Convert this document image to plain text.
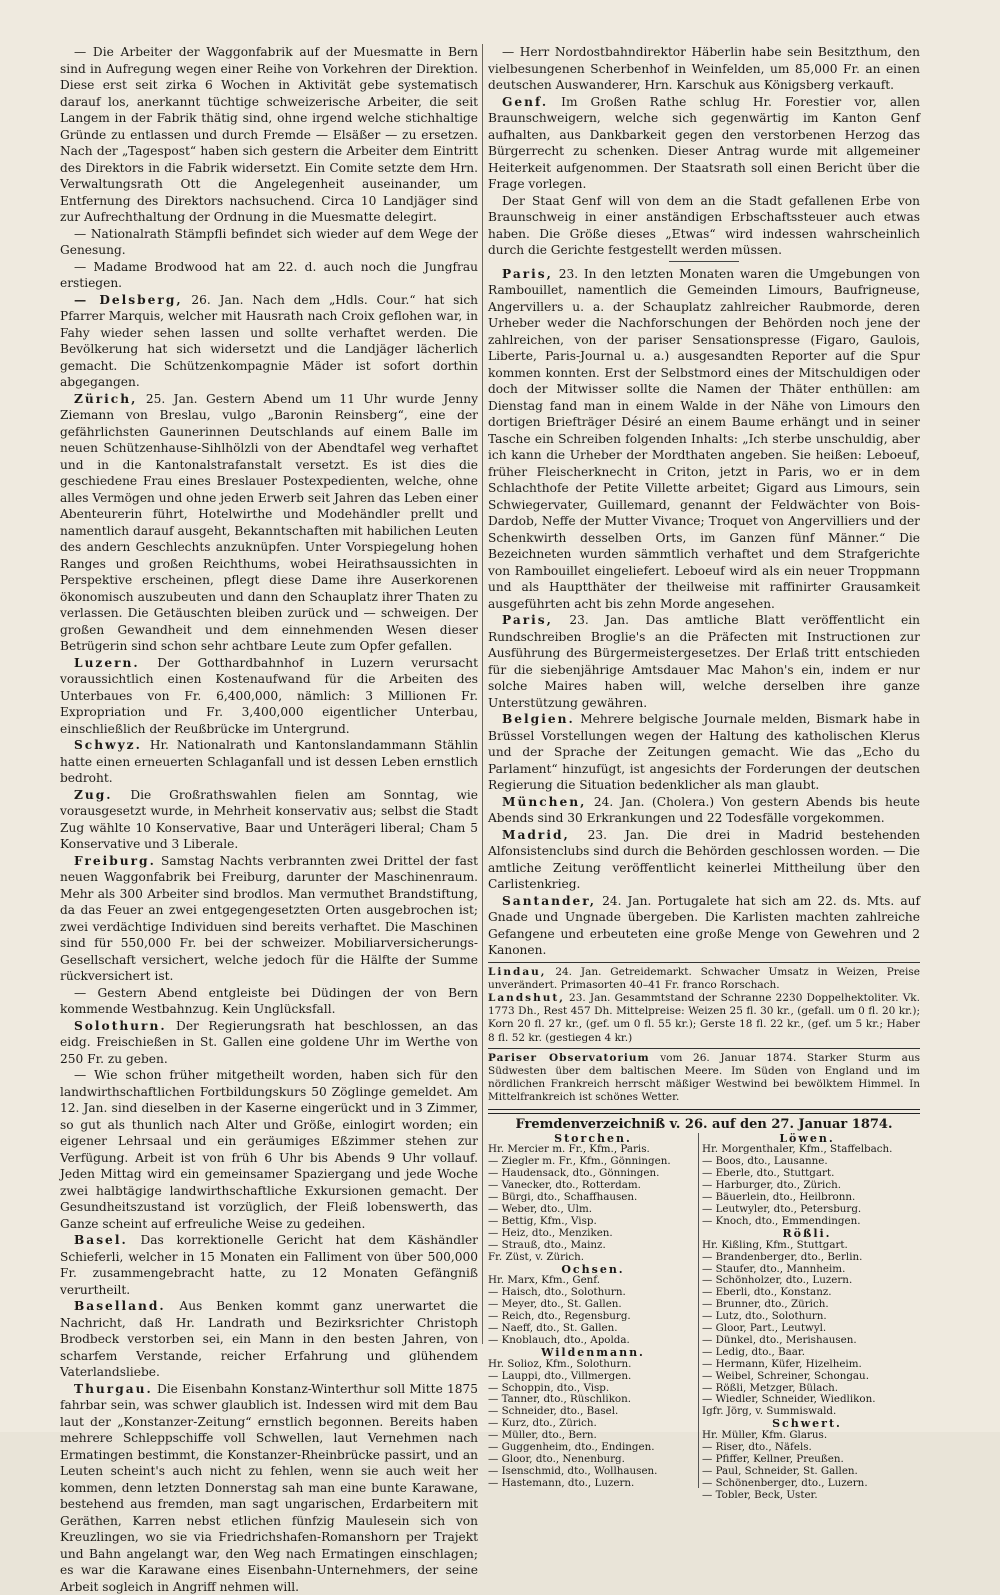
— Die Arbeiter der Waggonfabrik auf der Muesmatte in Bern sind in Aufregung wegen einer Reihe von Vorkehren der Direktion. Diese erst seit zirka 6 Wochen in Aktivität gebe systematisch darauf los, anerkannt tüchtige schweizerische Arbeiter, die seit Langem in der Fabrik thätig sind, ohne irgend welche stichhaltige Gründe zu entlassen und durch Fremde — Elsäßer — zu ersetzen. Nach der „Tagespost“ haben sich gestern die Arbeiter dem Eintritt des Direktors in die Fabrik widersetzt. Ein Comite setzte dem Hrn. Verwaltungsrath Ott die Angelegenheit auseinander, um Entfernung des Direktors nachsuchend. Circa 10 Landjäger sind zur Aufrechthaltung der Ordnung in die Muesmatte delegirt.

— Nationalrath Stämpfli befindet sich wieder auf dem Wege der Genesung.

— Madame Brodwood hat am 22. d. auch noch die Jungfrau erstiegen.

— Delsberg, 26. Jan. Nach dem „Hdls. Cour.“ hat sich Pfarrer Marquis, welcher mit Hausrath nach Croix geflohen war, in Fahy wieder sehen lassen und sollte verhaftet werden. Die Bevölkerung hat sich widersetzt und die Landjäger lächerlich gemacht. Die Schützenkompagnie Mäder ist sofort dorthin abgegangen.

Zürich, 25. Jan. Gestern Abend um 11 Uhr wurde Jenny Ziemann von Breslau, vulgo „Baronin Reinsberg“, eine der gefährlichsten Gaunerinnen Deutschlands auf einem Balle im neuen Schützenhause-Sihlhölzli von der Abendtafel weg verhaftet und in die Kantonalstrafanstalt versetzt. Es ist dies die geschiedene Frau eines Breslauer Postexpedienten, welche, ohne alles Vermögen und ohne jeden Erwerb seit Jahren das Leben einer Abenteurerin führt, Hotelwirthe und Modehändler prellt und namentlich darauf ausgeht, Bekanntschaften mit habilichen Leuten des andern Geschlechts anzuknüpfen. Unter Vorspiegelung hohen Ranges und großen Reichthums, wobei Heirathsaussichten in Perspektive erscheinen, pflegt diese Dame ihre Auserkorenen ökonomisch auszubeuten und dann den Schauplatz ihrer Thaten zu verlassen. Die Getäuschten bleiben zurück und — schweigen. Der großen Gewandheit und dem einnehmenden Wesen dieser Betrügerin sind schon sehr achtbare Leute zum Opfer gefallen.

Luzern. Der Gotthardbahnhof in Luzern verursacht voraussichtlich einen Kostenaufwand für die Arbeiten des Unterbaues von Fr. 6,400,000, nämlich: 3 Millionen Fr. Expropriation und Fr. 3,400,000 eigentlicher Unterbau, einschließlich der Reußbrücke im Untergrund.

Schwyz. Hr. Nationalrath und Kantonslandammann Stählin hatte einen erneuerten Schlaganfall und ist dessen Leben ernstlich bedroht.

Zug. Die Großrathswahlen fielen am Sonntag, wie vorausgesetzt wurde, in Mehrheit konservativ aus; selbst die Stadt Zug wählte 10 Konservative, Baar und Unterägeri liberal; Cham 5 Konservative und 3 Liberale.

Freiburg. Samstag Nachts verbrannten zwei Drittel der fast neuen Waggonfabrik bei Freiburg, darunter der Maschinenraum. Mehr als 300 Arbeiter sind brodlos. Man vermuthet Brandstiftung, da das Feuer an zwei entgegengesetzten Orten ausgebrochen ist; zwei verdächtige Individuen sind bereits verhaftet. Die Maschinen sind für 550,000 Fr. bei der schweizer. Mobiliarversicherungs-Gesellschaft versichert, welche jedoch für die Hälfte der Summe rückversichert ist.

— Gestern Abend entgleiste bei Düdingen der von Bern kommende Westbahnzug. Kein Unglücksfall.

Solothurn. Der Regierungsrath hat beschlossen, an das eidg. Freischießen in St. Gallen eine goldene Uhr im Werthe von 250 Fr. zu geben.

— Wie schon früher mitgetheilt worden, haben sich für den landwirthschaftlichen Fortbildungskurs 50 Zöglinge gemeldet. Am 12. Jan. sind dieselben in der Kaserne eingerückt und in 3 Zimmer, so gut als thunlich nach Alter und Größe, einlogirt worden; ein eigener Lehrsaal und ein geräumiges Eßzimmer stehen zur Verfügung. Arbeit ist von früh 6 Uhr bis Abends 9 Uhr vollauf. Jeden Mittag wird ein gemeinsamer Spaziergang und jede Woche zwei halbtägige landwirthschaftliche Exkursionen gemacht. Der Gesundheitszustand ist vorzüglich, der Fleiß lobenswerth, das Ganze scheint auf erfreuliche Weise zu gedeihen.

Basel. Das korrektionelle Gericht hat dem Käshändler Schieferli, welcher in 15 Monaten ein Falliment von über 500,000 Fr. zusammengebracht hatte, zu 12 Monaten Gefängniß verurtheilt.

Baselland. Aus Benken kommt ganz unerwartet die Nachricht, daß Hr. Landrath und Bezirksrichter Christoph Brodbeck verstorben sei, ein Mann in den besten Jahren, von scharfem Verstande, reicher Erfahrung und glühendem Vaterlandsliebe.

Thurgau. Die Eisenbahn Konstanz-Winterthur soll Mitte 1875 fahrbar sein, was schwer glaublich ist. Indessen wird mit dem Bau laut der „Konstanzer-Zeitung“ ernstlich begonnen. Bereits haben mehrere Schleppschiffe voll Schwellen, laut Vernehmen nach Ermatingen bestimmt, die Konstanzer-Rheinbrücke passirt, und an Leuten scheint's auch nicht zu fehlen, wenn sie auch weit her kommen, denn letzten Donnerstag sah man eine bunte Karawane, bestehend aus fremden, man sagt ungarischen, Erdarbeitern mit Geräthen, Karren nebst etlichen fünfzig Maulesein sich von Kreuzlingen, wo sie via Friedrichshafen-Romanshorn per Trajekt und Bahn angelangt war, den Weg nach Ermatingen einschlagen; es war die Karawane eines Eisenbahn-Unternehmers, der seine Arbeit sogleich in Angriff nehmen will.

— Herr Nordostbahndirektor Häberlin habe sein Besitzthum, den vielbesungenen Scherbenhof in Weinfelden, um 85,000 Fr. an einen deutschen Auswanderer, Hrn. Karschuk aus Königsberg verkauft.

Genf. Im Großen Rathe schlug Hr. Forestier vor, allen Braunschweigern, welche sich gegenwärtig im Kanton Genf aufhalten, aus Dankbarkeit gegen den verstorbenen Herzog das Bürgerrecht zu schenken. Dieser Antrag wurde mit allgemeiner Heiterkeit aufgenommen. Der Staatsrath soll einen Bericht über die Frage vorlegen.

Der Staat Genf will von dem an die Stadt gefallenen Erbe von Braunschweig in einer anständigen Erbschaftssteuer auch etwas haben. Die Größe dieses „Etwas“ wird indessen wahrscheinlich durch die Gerichte festgestellt werden müssen.

Paris, 23. In den letzten Monaten waren die Umgebungen von Rambouillet, namentlich die Gemeinden Limours, Baufrigneuse, Angervillers u. a. der Schauplatz zahlreicher Raubmorde, deren Urheber weder die Nachforschungen der Behörden noch jene der zahlreichen, von der pariser Sensationspresse (Figaro, Gaulois, Liberte, Paris-Journal u. a.) ausgesandten Reporter auf die Spur kommen konnten. Erst der Selbstmord eines der Mitschuldigen oder doch der Mitwisser sollte die Namen der Thäter enthüllen: am Dienstag fand man in einem Walde in der Nähe von Limours den dortigen Briefträger Désiré an einem Baume erhängt und in seiner Tasche ein Schreiben folgenden Inhalts: „Ich sterbe unschuldig, aber ich kann die Urheber der Mordthaten angeben. Sie heißen: Leboeuf, früher Fleischerknecht in Criton, jetzt in Paris, wo er in dem Schlachthofe der Petite Villette arbeitet; Gigard aus Limours, sein Schwiegervater, Guillemard, genannt der Feldwächter von Bois-Dardob, Neffe der Mutter Vivance; Troquet von Angervilliers und der Schenkwirth desselben Orts, im Ganzen fünf Männer.“ Die Bezeichneten wurden sämmtlich verhaftet und dem Strafgerichte von Rambouillet eingeliefert. Leboeuf wird als ein neuer Troppmann und als Hauptthäter der theilweise mit raffinirter Grausamkeit ausgeführten acht bis zehn Morde angesehen.

Paris, 23. Jan. Das amtliche Blatt veröffentlicht ein Rundschreiben Broglie's an die Präfecten mit Instructionen zur Ausführung des Bürgermeistergesetzes. Der Erlaß tritt entschieden für die siebenjährige Amtsdauer Mac Mahon's ein, indem er nur solche Maires haben will, welche derselben ihre ganze Unterstützung gewähren.

Belgien. Mehrere belgische Journale melden, Bismark habe in Brüssel Vorstellungen wegen der Haltung des katholischen Klerus und der Sprache der Zeitungen gemacht. Wie das „Echo du Parlament“ hinzufügt, ist angesichts der Forderungen der deutschen Regierung die Situation bedenklicher als man glaubt.

München, 24. Jan. (Cholera.) Von gestern Abends bis heute Abends sind 30 Erkrankungen und 22 Todesfälle vorgekommen.

Madrid, 23. Jan. Die drei in Madrid bestehenden Alfonsistenclubs sind durch die Behörden geschlossen worden. — Die amtliche Zeitung veröffentlicht keinerlei Mittheilung über den Carlistenkrieg.

Santander, 24. Jan. Portugalete hat sich am 22. ds. Mts. auf Gnade und Ungnade übergeben. Die Karlisten machten zahlreiche Gefangene und erbeuteten eine große Menge von Gewehren und 2 Kanonen.

Lindau, 24. Jan. Getreidemarkt. Schwacher Umsatz in Weizen, Preise unverändert. Primasorten 40–41 Fr. franco Rorschach.

Landshut, 23. Jan. Gesammtstand der Schranne 2230 Doppelhektoliter. Vk. 1773 Dh., Rest 457 Dh. Mittelpreise: Weizen 25 fl. 30 kr., (gefall. um 0 fl. 20 kr.); Korn 20 fl. 27 kr., (gef. um 0 fl. 55 kr.); Gerste 18 fl. 22 kr., (gef. um 5 kr.; Haber 8 fl. 52 kr. (gestiegen 4 kr.)

Pariser Observatorium vom 26. Januar 1874. Starker Sturm aus Südwesten über dem baltischen Meere. Im Süden von England und im nördlichen Frankreich herrscht mäßiger Westwind bei bewölktem Himmel. In Mittelfrankreich ist schönes Wetter.

Fremdenverzeichniß v. 26. auf den 27. Januar 1874.
Storchen.
Hr. Mercier m. Fr., Kfm., Paris.
— Ziegler m. Fr., Kfm., Gönningen.
— Haudensack, dto., Gönningen.
— Vanecker, dto., Rotterdam.
— Bürgi, dto., Schaffhausen.
— Weber, dto., Ulm.
— Bettig, Kfm., Visp.
— Heiz, dto., Menziken.
— Strauß, dto., Mainz.
Fr. Züst, v. Zürich.
Ochsen.
Hr. Marx, Kfm., Genf.
— Haisch, dto., Solothurn.
— Meyer, dto., St. Gallen.
— Reich, dto., Regensburg.
— Naeff, dto., St. Gallen.
— Knoblauch, dto., Apolda.
Wildenmann.
Hr. Solioz, Kfm., Solothurn.
— Lauppi, dto., Villmergen.
— Schoppin, dto., Visp.
— Tanner, dto., Rüschlikon.
— Schneider, dto., Basel.
— Kurz, dto., Zürich.
— Müller, dto., Bern.
— Guggenheim, dto., Endingen.
— Gloor, dto., Nenenburg.
— Isenschmid, dto., Wollhausen.
— Hastemann, dto., Luzern.
Löwen.
Hr. Morgenthaler, Kfm., Staffelbach.
— Boos, dto., Lausanne.
— Eberle, dto., Stuttgart.
— Harburger, dto., Zürich.
— Bäuerlein, dto., Heilbronn.
— Leutwyler, dto., Petersburg.
— Knoch, dto., Emmendingen.
Rößli.
Hr. Kißling, Kfm., Stuttgart.
— Brandenberger, dto., Berlin.
— Staufer, dto., Mannheim.
— Schönholzer, dto., Luzern.
— Eberli, dto., Konstanz.
— Brunner, dto., Zürich.
— Lutz, dto., Solothurn.
— Gloor, Part., Leutwyl.
— Dünkel, dto., Merishausen.
— Ledig, dto., Baar.
— Hermann, Küfer, Hizelheim.
— Weibel, Schreiner, Schongau.
— Rößli, Metzger, Bülach.
— Wiedler, Schneider, Wiedlikon.
Igfr. Jörg, v. Summiswald.
Schwert.
Hr. Müller, Kfm. Glarus.
— Riser, dto., Näfels.
— Pfiffer, Kellner, Preußen.
— Paul, Schneider, St. Gallen.
— Schönenberger, dto., Luzern.
— Tobler, Beck, Uster.
